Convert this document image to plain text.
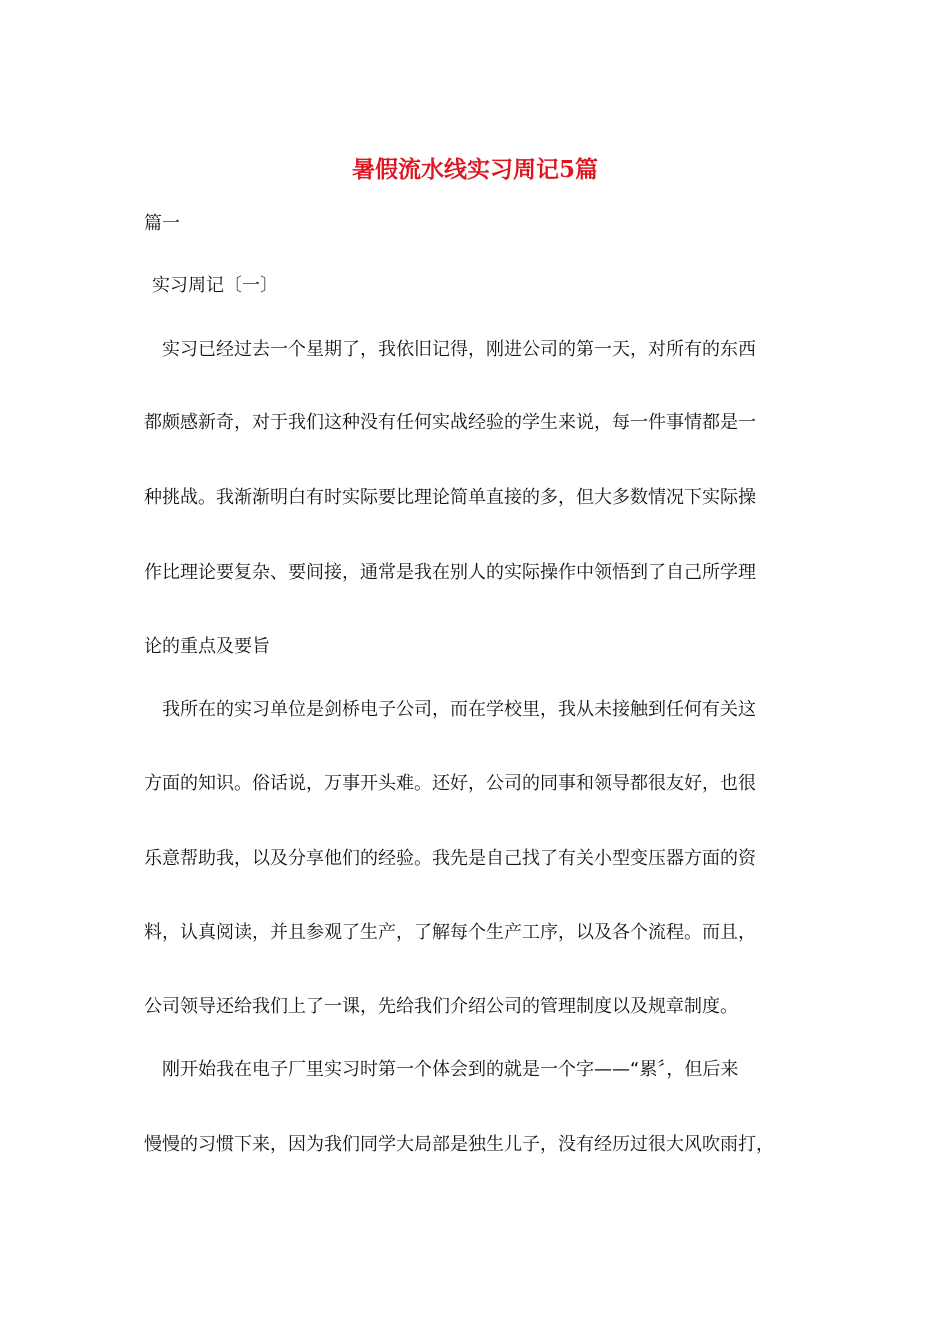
暑假流水线实习周记5篇
篇一
实习周记〔一〕
实习已经过去一个星期了，我依旧记得，刚进公司的第一天，对所有的东西
都颇感新奇，对于我们这种没有任何实战经验的学生来说，每一件事情都是一
种挑战。我渐渐明白有时实际要比理论简单直接的多，但大多数情况下实际操
作比理论要复杂、要间接，通常是我在别人的实际操作中领悟到了自己所学理
论的重点及要旨
我所在的实习单位是剑桥电子公司，而在学校里，我从未接触到任何有关这
方面的知识。俗话说，万事开头难。还好，公司的同事和领导都很友好，也很
乐意帮助我，以及分享他们的经验。我先是自己找了有关小型变压器方面的资
料，认真阅读，并且参观了生产，了解每个生产工序，以及各个流程。而且，
公司领导还给我们上了一课，先给我们介绍公司的管理制度以及规章制度。
刚开始我在电子厂里实习时第一个体会到的就是一个字——“累〞，但后来
慢慢的习惯下来，因为我们同学大局部是独生儿子，没有经历过很大风吹雨打，
